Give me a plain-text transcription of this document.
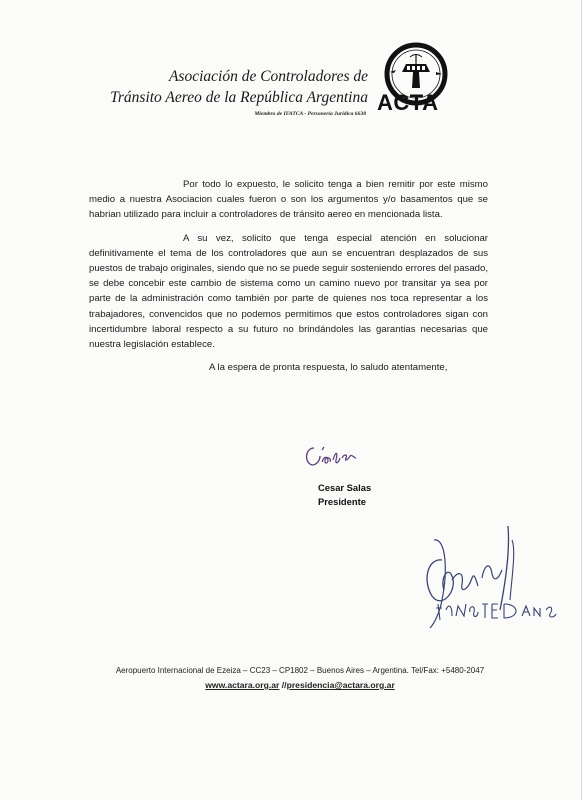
Asociación de Controladores de
Tránsito Aereo de la República Argentina
Miembro de IFATCA - Personería Jurídica 6638 ACTA

Por todo lo expuesto, le solicito tenga a bien remitir por este mismo medio a nuestra Asociacion cuales fueron o son los argumentos y/o basamentos que se habrian utilizado para incluir a controladores de tránsito aereo en mencionada lista.

A su vez, solicito que tenga especial atención en solucionar definitivamente el tema de los controladores que aun se encuentran desplazados de sus puestos de trabajo originales, siendo que no se puede seguir sosteniendo errores del pasado, se debe concebir este cambio de sistema como un camino nuevo por transitar ya sea por parte de la administración como también por parte de quienes nos toca representar a los trabajadores, convencidos que no podemos permitimos que estos controladores sigan con incertidumbre laboral respecto a su futuro no brindándoles las garantias necesarias que nuestra legislación establece.

A la espera de pronta respuesta, lo saludo atentamente,

Cesar Salas
Presidente
Aeropuerto Internacional de Ezeiza – CC23 – CP1802 – Buenos Aires – Argentina. Tel/Fax: +5480-2047
www.actara.org.ar //presidencia@actara.org.ar
